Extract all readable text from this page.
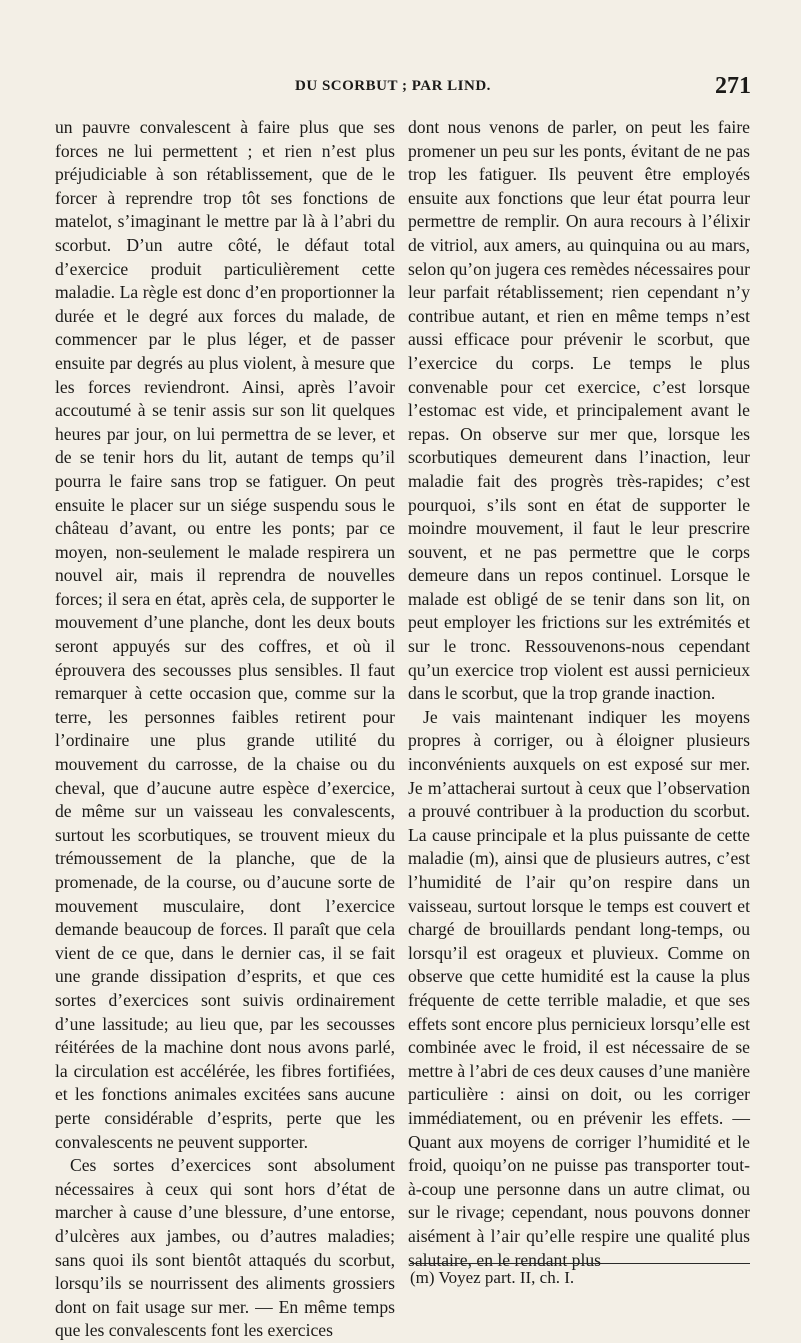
DU SCORBUT ; PAR LIND.	271

un pauvre convalescent à faire plus que ses forces ne lui permettent ; et rien n’est plus préjudiciable à son rétablissement, que de le forcer à reprendre trop tôt ses fonctions de matelot, s’imaginant le mettre par là à l’abri du scorbut. D’un autre côté, le défaut total d’exercice produit particulièrement cette maladie. La règle est donc d’en proportionner la durée et le degré aux forces du malade, de commencer par le plus léger, et de passer ensuite par degrés au plus violent, à mesure que les forces reviendront. Ainsi, après l’avoir accoutumé à se tenir assis sur son lit quelques heures par jour, on lui permettra de se lever, et de se tenir hors du lit, autant de temps qu’il pourra le faire sans trop se fatiguer. On peut ensuite le placer sur un siége suspendu sous le château d’avant, ou entre les ponts; par ce moyen, non-seulement le malade respirera un nouvel air, mais il reprendra de nouvelles forces; il sera en état, après cela, de supporter le mouvement d’une planche, dont les deux bouts seront appuyés sur des coffres, et où il éprouvera des secousses plus sensibles. Il faut remarquer à cette occasion que, comme sur la terre, les personnes faibles retirent pour l’ordinaire une plus grande utilité du mouvement du carrosse, de la chaise ou du cheval, que d’aucune autre espèce d’exercice, de même sur un vaisseau les convalescents, surtout les scorbutiques, se trouvent mieux du trémoussement de la planche, que de la promenade, de la course, ou d’aucune sorte de mouvement musculaire, dont l’exercice demande beaucoup de forces. Il paraît que cela vient de ce que, dans le dernier cas, il se fait une grande dissipation d’esprits, et que ces sortes d’exercices sont suivis ordinairement d’une lassitude; au lieu que, par les secousses réitérées de la machine dont nous avons parlé, la circulation est accélérée, les fibres fortifiées, et les fonctions animales excitées sans aucune perte considérable d’esprits, perte que les convalescents ne peuvent supporter.

Ces sortes d’exercices sont absolument nécessaires à ceux qui sont hors d’état de marcher à cause d’une blessure, d’une entorse, d’ulcères aux jambes, ou d’autres maladies; sans quoi ils sont bientôt attaqués du scorbut, lorsqu’ils se nourrissent des aliments grossiers dont on fait usage sur mer. — En même temps que les convalescents font les exercices

dont nous venons de parler, on peut les faire promener un peu sur les ponts, évitant de ne pas trop les fatiguer. Ils peuvent être employés ensuite aux fonctions que leur état pourra leur permettre de remplir. On aura recours à l’élixir de vitriol, aux amers, au quinquina ou au mars, selon qu’on jugera ces remèdes nécessaires pour leur parfait rétablissement; rien cependant n’y contribue autant, et rien en même temps n’est aussi efficace pour prévenir le scorbut, que l’exercice du corps. Le temps le plus convenable pour cet exercice, c’est lorsque l’estomac est vide, et principalement avant le repas. On observe sur mer que, lorsque les scorbutiques demeurent dans l’inaction, leur maladie fait des progrès très-rapides; c’est pourquoi, s’ils sont en état de supporter le moindre mouvement, il faut le leur prescrire souvent, et ne pas permettre que le corps demeure dans un repos continuel. Lorsque le malade est obligé de se tenir dans son lit, on peut employer les frictions sur les extrémités et sur le tronc. Ressouvenons-nous cependant qu’un exercice trop violent est aussi pernicieux dans le scorbut, que la trop grande inaction.

Je vais maintenant indiquer les moyens propres à corriger, ou à éloigner plusieurs inconvénients auxquels on est exposé sur mer. Je m’attacherai surtout à ceux que l’observation a prouvé contribuer à la production du scorbut. La cause principale et la plus puissante de cette maladie (m), ainsi que de plusieurs autres, c’est l’humidité de l’air qu’on respire dans un vaisseau, surtout lorsque le temps est couvert et chargé de brouillards pendant long-temps, ou lorsqu’il est orageux et pluvieux. Comme on observe que cette humidité est la cause la plus fréquente de cette terrible maladie, et que ses effets sont encore plus pernicieux lorsqu’elle est combinée avec le froid, il est nécessaire de se mettre à l’abri de ces deux causes d’une manière particulière : ainsi on doit, ou les corriger immédiatement, ou en prévenir les effets. — Quant aux moyens de corriger l’humidité et le froid, quoiqu’on ne puisse pas transporter tout-à-coup une personne dans un autre climat, ou sur le rivage; cependant, nous pouvons donner aisément à l’air qu’elle respire une qualité plus salutaire, en le rendant plus

(m) Voyez part. II, ch. I.
